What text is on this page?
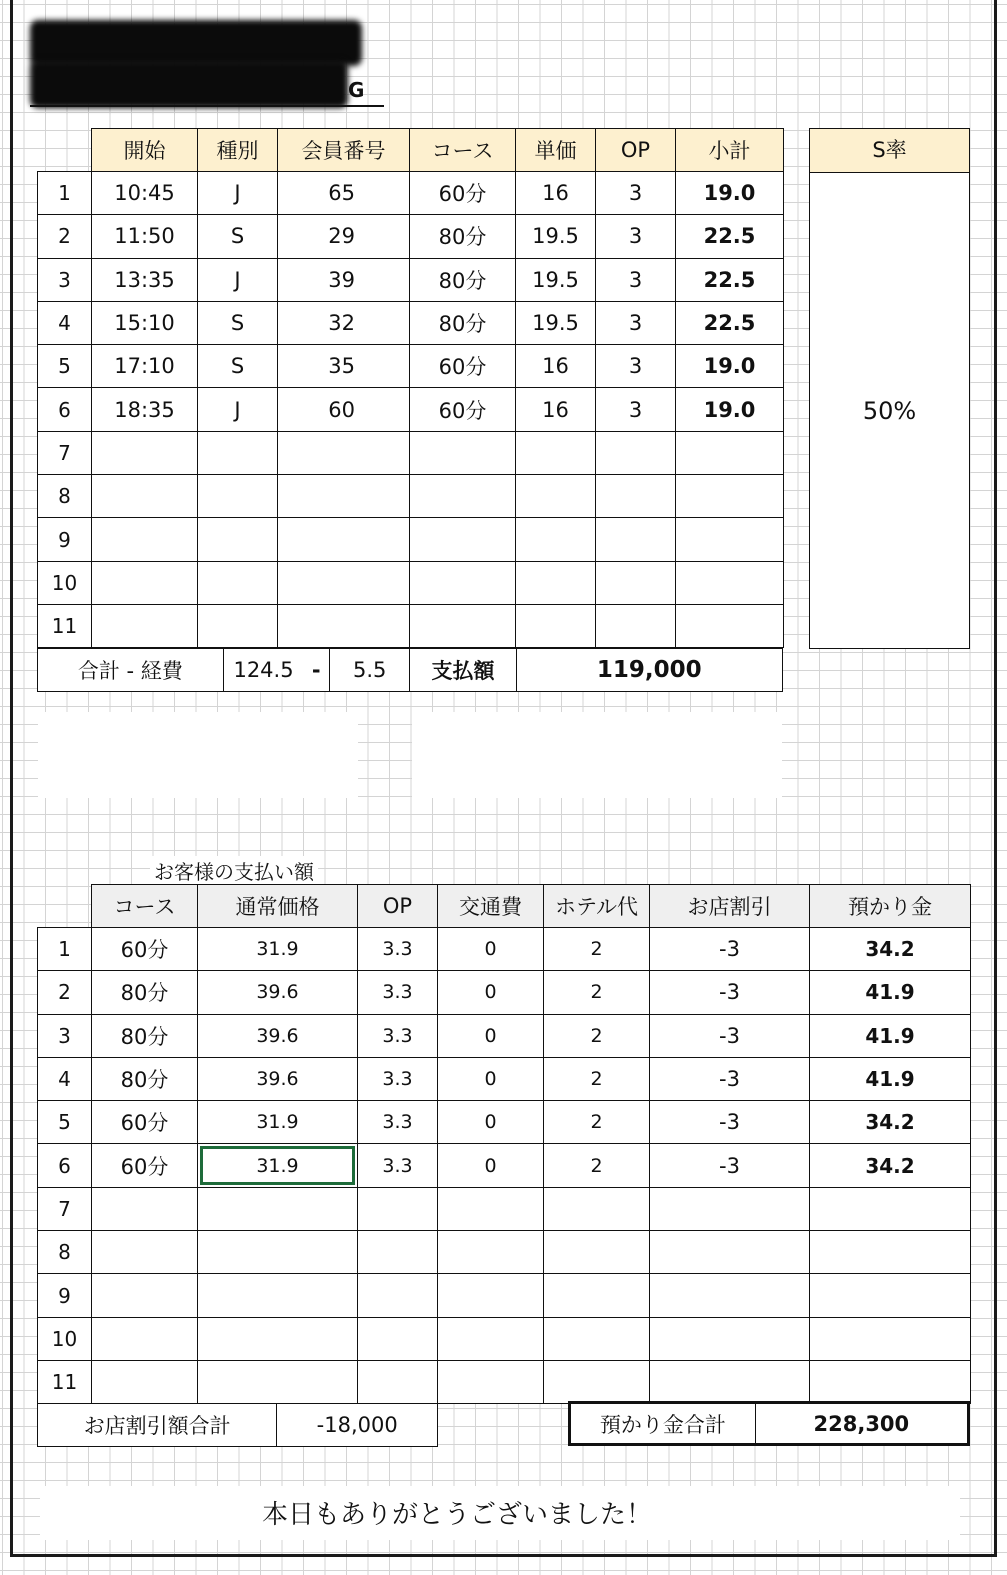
G
	開始	種別	会員番号	コース	単価	OP	小計
1	10:45	J	65	60分	16	3	19.0
2	11:50	S	29	80分	19.5	3	22.5
3	13:35	J	39	80分	19.5	3	22.5
4	15:10	S	32	80分	19.5	3	22.5
5	17:10	S	35	60分	16	3	19.0
6	18:35	J	60	60分	16	3	19.0
7							
8							
9							
10							
11							
S率
50%
合計 - 経費	124.5	-	5.5	支払額	119,000
お客様の支払い額
	コース	通常価格	OP	交通費	ホテル代	お店割引	預かり金
1	60分	31.9	3.3	0	2	-3	34.2
2	80分	39.6	3.3	0	2	-3	41.9
3	80分	39.6	3.3	0	2	-3	41.9
4	80分	39.6	3.3	0	2	-3	41.9
5	60分	31.9	3.3	0	2	-3	34.2
6	60分	31.9	3.3	0	2	-3	34.2
7							
8							
9							
10							
11							
お店割引額合計	-18,000	預かり金合計	228,300
本日もありがとうございました！
